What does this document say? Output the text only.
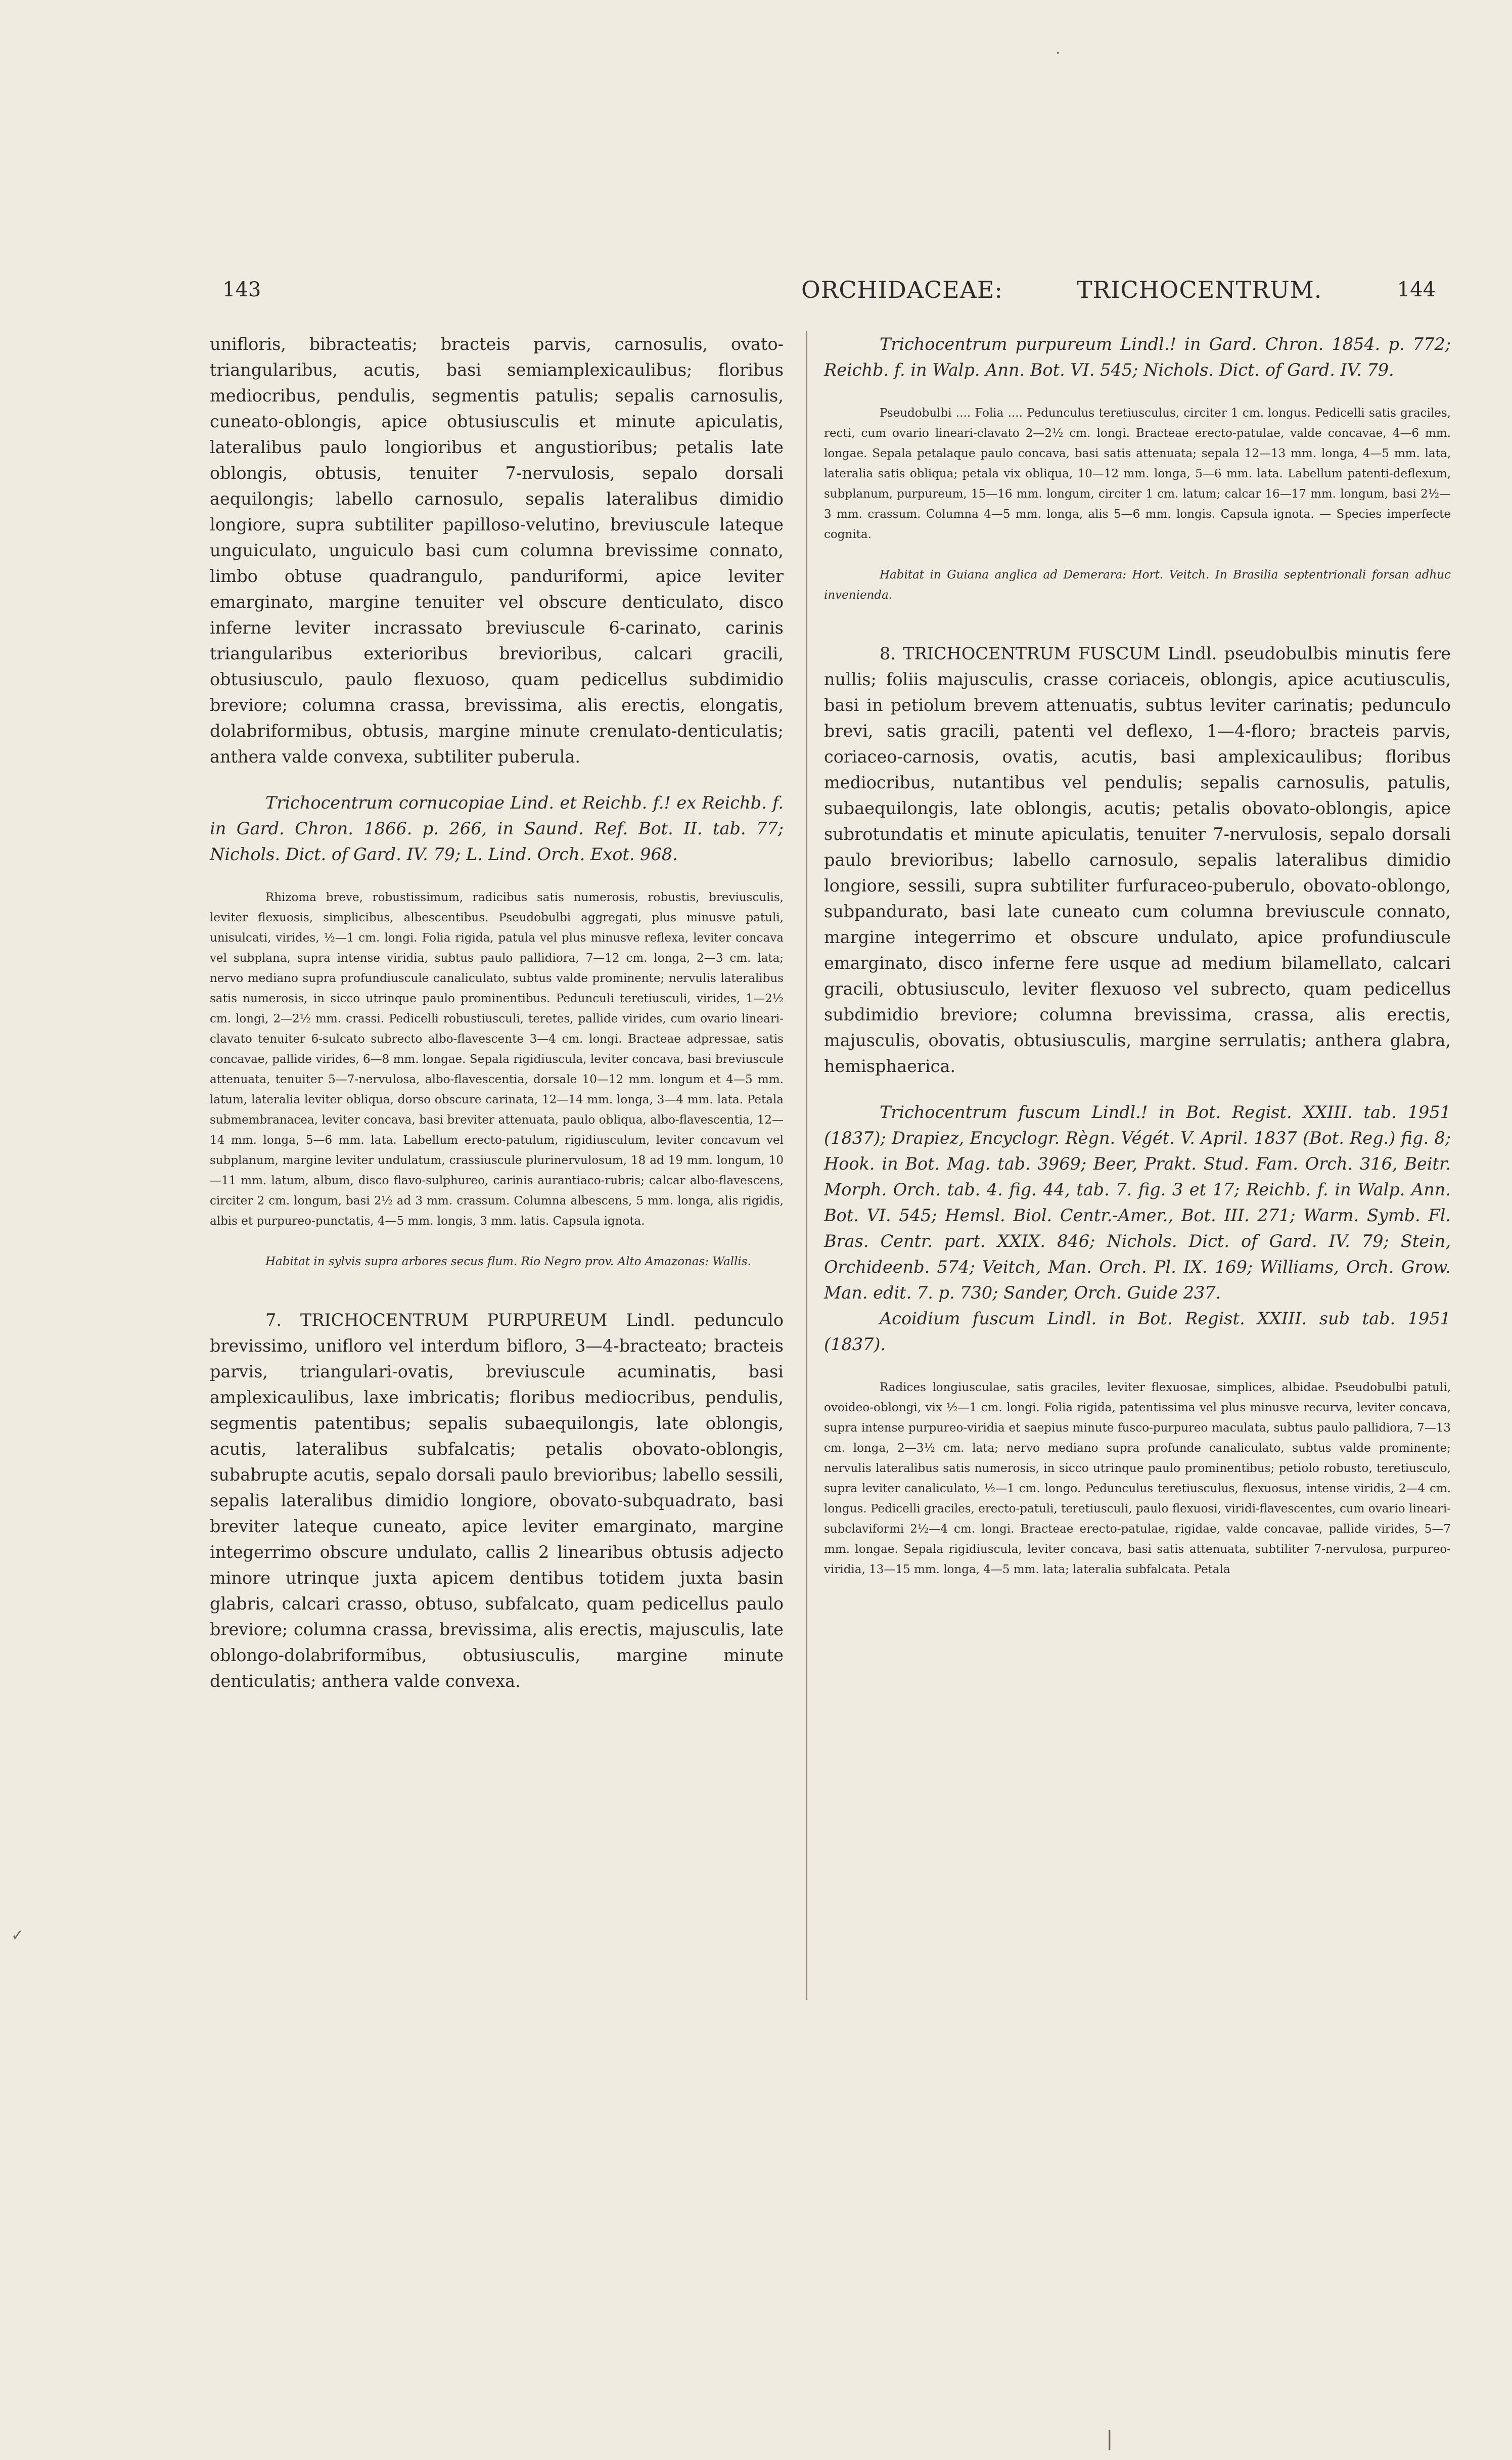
·
✓
|
143	ORCHIDACEAE:	TRICHOCENTRUM.	144

unifloris, bibracteatis; bracteis parvis, carnosulis, ovato-triangularibus, acutis, basi semiamplexicaulibus; floribus mediocribus, pendulis, segmentis patulis; sepalis carnosulis, cuneato-oblongis, apice obtusiusculis et minute apiculatis, lateralibus paulo longioribus et angustioribus; petalis late oblongis, obtusis, tenuiter 7-nervulosis, sepalo dorsali aequilongis; labello carnosulo, sepalis lateralibus dimidio longiore, supra subtiliter papilloso-velutino, breviuscule lateque unguiculato, unguiculo basi cum columna brevissime connato, limbo obtuse quadrangulo, panduriformi, apice leviter emarginato, margine tenuiter vel obscure denticulato, disco inferne leviter incrassato breviuscule 6-carinato, carinis triangularibus exterioribus brevioribus, calcari gracili, obtusiusculo, paulo flexuoso, quam pedicellus subdimidio breviore; columna crassa, brevissima, alis erectis, elongatis, dolabriformibus, obtusis, margine minute crenulato-denticulatis; anthera valde convexa, subtiliter puberula.

Trichocentrum cornucopiae Lind. et Reichb. f.! ex Reichb. f. in Gard. Chron. 1866. p. 266, in Saund. Ref. Bot. II. tab. 77; Nichols. Dict. of Gard. IV. 79; L. Lind. Orch. Exot. 968.

Rhizoma breve, robustissimum, radicibus satis numerosis, robustis, breviusculis, leviter flexuosis, simplicibus, albescentibus. Pseudobulbi aggregati, plus minusve patuli, unisulcati, virides, ½—1 cm. longi. Folia rigida, patula vel plus minusve reflexa, leviter concava vel subplana, supra intense viridia, subtus paulo pallidiora, 7—12 cm. longa, 2—3 cm. lata; nervo mediano supra profundiuscule canaliculato, subtus valde prominente; nervulis lateralibus satis numerosis, in sicco utrinque paulo prominentibus. Pedunculi teretiusculi, virides, 1—2½ cm. longi, 2—2½ mm. crassi. Pedicelli robustiusculi, teretes, pallide virides, cum ovario lineari-clavato tenuiter 6-sulcato subrecto albo-flavescente 3—4 cm. longi. Bracteae adpressae, satis concavae, pallide virides, 6—8 mm. longae. Sepala rigidiuscula, leviter concava, basi breviuscule attenuata, tenuiter 5—7-nervulosa, albo-flavescentia, dorsale 10—12 mm. longum et 4—5 mm. latum, lateralia leviter obliqua, dorso obscure carinata, 12—14 mm. longa, 3—4 mm. lata. Petala submembranacea, leviter concava, basi breviter attenuata, paulo obliqua, albo-flavescentia, 12—14 mm. longa, 5—6 mm. lata. Labellum erecto-patulum, rigidiusculum, leviter concavum vel subplanum, margine leviter undulatum, crassiuscule plurinervulosum, 18 ad 19 mm. longum, 10—11 mm. latum, album, disco flavo-sulphureo, carinis aurantiaco-rubris; calcar albo-flavescens, circiter 2 cm. longum, basi 2½ ad 3 mm. crassum. Columna albescens, 5 mm. longa, alis rigidis, albis et purpureo-punctatis, 4—5 mm. longis, 3 mm. latis. Capsula ignota.

Habitat in sylvis supra arbores secus flum. Rio Negro prov. Alto Amazonas: Wallis.

7. TRICHOCENTRUM PURPUREUM Lindl. pedunculo brevissimo, unifloro vel interdum bifloro, 3—4-bracteato; bracteis parvis, triangulari-ovatis, breviuscule acuminatis, basi amplexicaulibus, laxe imbricatis; floribus mediocribus, pendulis, segmentis patentibus; sepalis subaequilongis, late oblongis, acutis, lateralibus subfalcatis; petalis obovato-oblongis, subabrupte acutis, sepalo dorsali paulo brevioribus; labello sessili, sepalis lateralibus dimidio longiore, obovato-subquadrato, basi breviter lateque cuneato, apice leviter emarginato, margine integerrimo obscure undulato, callis 2 linearibus obtusis adjecto minore utrinque juxta apicem dentibus totidem juxta basin glabris, calcari crasso, obtuso, subfalcato, quam pedicellus paulo breviore; columna crassa, brevissima, alis erectis, majusculis, late oblongo-dolabriformibus, obtusiusculis, margine minute denticulatis; anthera valde convexa.

Trichocentrum purpureum Lindl.! in Gard. Chron. 1854. p. 772; Reichb. f. in Walp. Ann. Bot. VI. 545; Nichols. Dict. of Gard. IV. 79.

Pseudobulbi .... Folia .... Pedunculus teretiusculus, circiter 1 cm. longus. Pedicelli satis graciles, recti, cum ovario lineari-clavato 2—2½ cm. longi. Bracteae erecto-patulae, valde concavae, 4—6 mm. longae. Sepala petalaque paulo concava, basi satis attenuata; sepala 12—13 mm. longa, 4—5 mm. lata, lateralia satis obliqua; petala vix obliqua, 10—12 mm. longa, 5—6 mm. lata. Labellum patenti-deflexum, subplanum, purpureum, 15—16 mm. longum, circiter 1 cm. latum; calcar 16—17 mm. longum, basi 2½—3 mm. crassum. Columna 4—5 mm. longa, alis 5—6 mm. longis. Capsula ignota. — Species imperfecte cognita.

Habitat in Guiana anglica ad Demerara: Hort. Veitch. In Brasilia septentrionali forsan adhuc invenienda.

8. TRICHOCENTRUM FUSCUM Lindl. pseudobulbis minutis fere nullis; foliis majusculis, crasse coriaceis, oblongis, apice acutiusculis, basi in petiolum brevem attenuatis, subtus leviter carinatis; pedunculo brevi, satis gracili, patenti vel deflexo, 1—4-floro; bracteis parvis, coriaceo-carnosis, ovatis, acutis, basi amplexicaulibus; floribus mediocribus, nutantibus vel pendulis; sepalis carnosulis, patulis, subaequilongis, late oblongis, acutis; petalis obovato-oblongis, apice subrotundatis et minute apiculatis, tenuiter 7-nervulosis, sepalo dorsali paulo brevioribus; labello carnosulo, sepalis lateralibus dimidio longiore, sessili, supra subtiliter furfuraceo-puberulo, obovato-oblongo, subpandurato, basi late cuneato cum columna breviuscule connato, margine integerrimo et obscure undulato, apice profundiuscule emarginato, disco inferne fere usque ad medium bilamellato, calcari gracili, obtusiusculo, leviter flexuoso vel subrecto, quam pedicellus subdimidio breviore; columna brevissima, crassa, alis erectis, majusculis, obovatis, obtusiusculis, margine serrulatis; anthera glabra, hemisphaerica.

Trichocentrum fuscum Lindl.! in Bot. Regist. XXIII. tab. 1951 (1837); Drapiez, Encyclogr. Règn. Végét. V. April. 1837 (Bot. Reg.) fig. 8; Hook. in Bot. Mag. tab. 3969; Beer, Prakt. Stud. Fam. Orch. 316, Beitr. Morph. Orch. tab. 4. fig. 44, tab. 7. fig. 3 et 17; Reichb. f. in Walp. Ann. Bot. VI. 545; Hemsl. Biol. Centr.-Amer., Bot. III. 271; Warm. Symb. Fl. Bras. Centr. part. XXIX. 846; Nichols. Dict. of Gard. IV. 79; Stein, Orchideenb. 574; Veitch, Man. Orch. Pl. IX. 169; Williams, Orch. Grow. Man. edit. 7. p. 730; Sander, Orch. Guide 237.

Acoidium fuscum Lindl. in Bot. Regist. XXIII. sub tab. 1951 (1837).

Radices longiusculae, satis graciles, leviter flexuosae, simplices, albidae. Pseudobulbi patuli, ovoideo-oblongi, vix ½—1 cm. longi. Folia rigida, patentissima vel plus minusve recurva, leviter concava, supra intense purpureo-viridia et saepius minute fusco-purpureo maculata, subtus paulo pallidiora, 7—13 cm. longa, 2—3½ cm. lata; nervo mediano supra profunde canaliculato, subtus valde prominente; nervulis lateralibus satis numerosis, in sicco utrinque paulo prominentibus; petiolo robusto, teretiusculo, supra leviter canaliculato, ½—1 cm. longo. Pedunculus teretiusculus, flexuosus, intense viridis, 2—4 cm. longus. Pedicelli graciles, erecto-patuli, teretiusculi, paulo flexuosi, viridi-flavescentes, cum ovario lineari-subclaviformi 2½—4 cm. longi. Bracteae erecto-patulae, rigidae, valde concavae, pallide virides, 5—7 mm. longae. Sepala rigidiuscula, leviter concava, basi satis attenuata, subtiliter 7-nervulosa, purpureo-viridia, 13—15 mm. longa, 4—5 mm. lata; lateralia subfalcata. Petala
